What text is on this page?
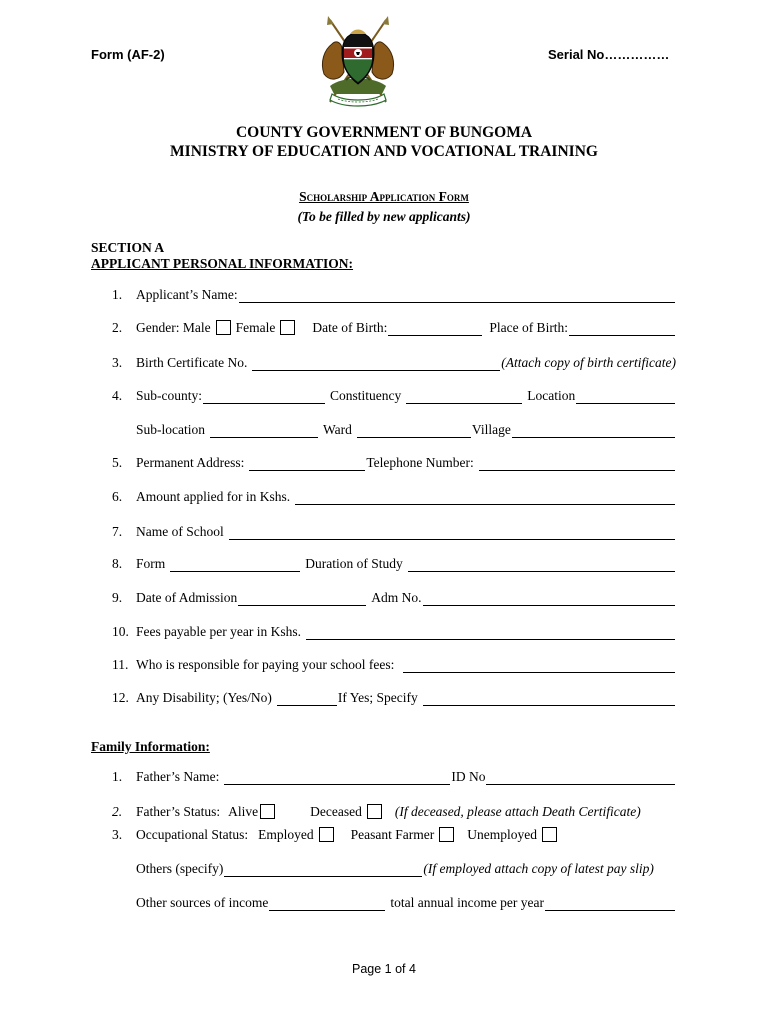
Form (AF-2)	Serial No……………
COUNTY GOVERNMENT OF BUNGOMA
MINISTRY OF EDUCATION AND VOCATIONAL TRAINING
Scholarship Application Form
(To be filled by new applicants)
SECTION A
APPLICANT PERSONAL INFORMATION:
1.	Applicant’s Name:
2.	Gender: Male Female	Date of Birth:	Place of Birth:
3.	Birth Certificate No.	(Attach copy of birth certificate)
4.	Sub-county:	Constituency	Location
Sub-location	Ward	Village
5.	Permanent Address:	Telephone Number:
6.	Amount applied for in Kshs.
7.	Name of School
8.	Form	Duration of Study
9.	Date of Admission	Adm No.
10. Fees payable per year in Kshs.
11. Who is responsible for paying your school fees:
12. Any Disability; (Yes/No)	If Yes; Specify
Family Information:
1.	Father’s Name:	ID No
2.	Father’s Status: Alive	Deceased (If deceased, please attach Death Certificate)
3.	Occupational Status: Employed	Peasant Farmer Unemployed
Others (specify)	(If employed attach copy of latest pay slip)
Other sources of income	total annual income per year
Page 1 of 4
